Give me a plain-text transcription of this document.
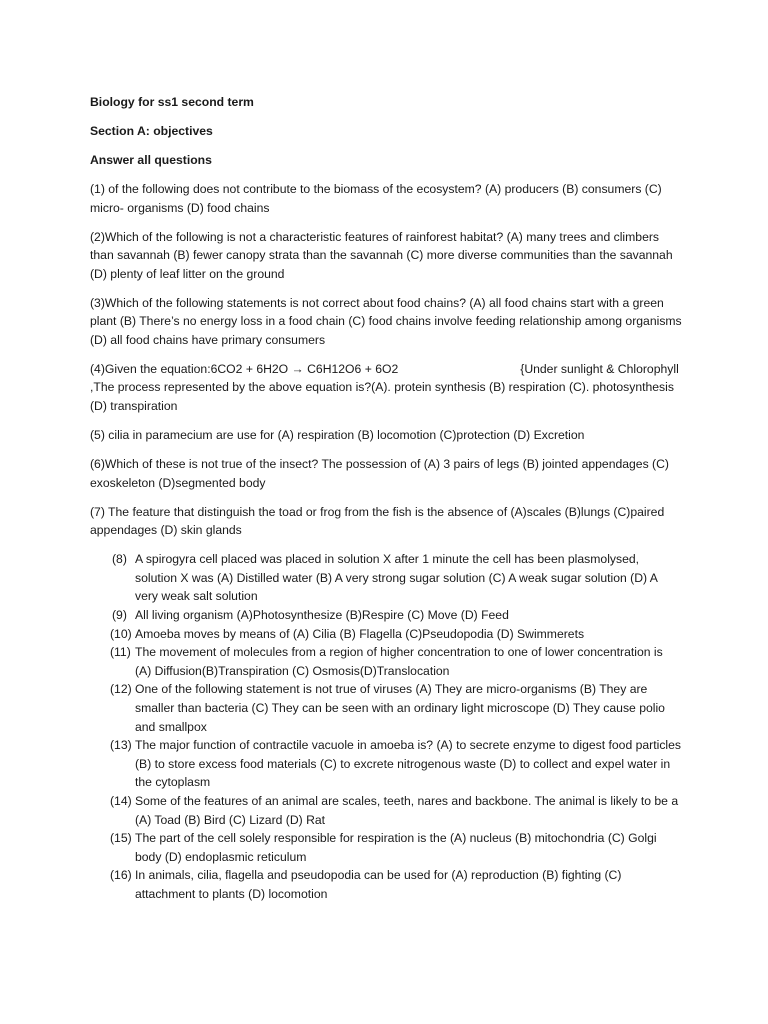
Biology for ss1 second term

Section A: objectives

Answer all questions

(1) of the following does not contribute to the biomass of the ecosystem? (A) producers (B) consumers (C) micro- organisms (D) food chains

(2)Which of the following is not a characteristic features of rainforest habitat? (A) many trees and climbers than savannah (B) fewer canopy strata than the savannah (C) more diverse communities than the savannah (D) plenty of leaf litter on the ground

(3)Which of the following statements is not correct about food chains? (A) all food chains start with a green plant (B) There’s no energy loss in a food chain (C) food chains involve feeding relationship among organisms (D) all food chains have primary consumers

(4)Given the equation:6CO2 + 6H2O → C6H12O6 + 6O2	{Under sunlight & Chlorophyll ,The process represented by the above equation is?(A). protein synthesis (B) respiration (C). photosynthesis (D) transpiration

(5) cilia in paramecium are use for (A) respiration (B) locomotion (C)protection (D) Excretion

(6)Which of these is not true of the insect? The possession of (A) 3 pairs of legs (B) jointed appendages (C) exoskeleton (D)segmented body

(7) The feature that distinguish the toad or frog from the fish is the absence of (A)scales (B)lungs (C)paired appendages (D) skin glands

(8) A spirogyra cell placed was placed in solution X after 1 minute the cell has been plasmolysed, solution X was (A) Distilled water (B) A very strong sugar solution (C) A weak sugar solution (D) A very weak salt solution
(9) All living organism (A)Photosynthesize (B)Respire (C) Move (D) Feed
(10) Amoeba moves by means of (A) Cilia (B) Flagella (C)Pseudopodia (D) Swimmerets
(11) The movement of molecules from a region of higher concentration to one of lower concentration is (A) Diffusion(B)Transpiration (C) Osmosis(D)Translocation
(12) One of the following statement is not true of viruses (A) They are micro-organisms (B) They are smaller than bacteria (C) They can be seen with an ordinary light microscope (D) They cause polio and smallpox
(13) The major function of contractile vacuole in amoeba is? (A) to secrete enzyme to digest food particles (B) to store excess food materials (C) to excrete nitrogenous waste (D) to collect and expel water in the cytoplasm
(14) Some of the features of an animal are scales, teeth, nares and backbone. The animal is likely to be a (A) Toad (B) Bird (C) Lizard (D) Rat
(15) The part of the cell solely responsible for respiration is the (A) nucleus (B) mitochondria (C) Golgi body (D) endoplasmic reticulum
(16) In animals, cilia, flagella and pseudopodia can be used for (A) reproduction (B) fighting (C) attachment to plants (D) locomotion
